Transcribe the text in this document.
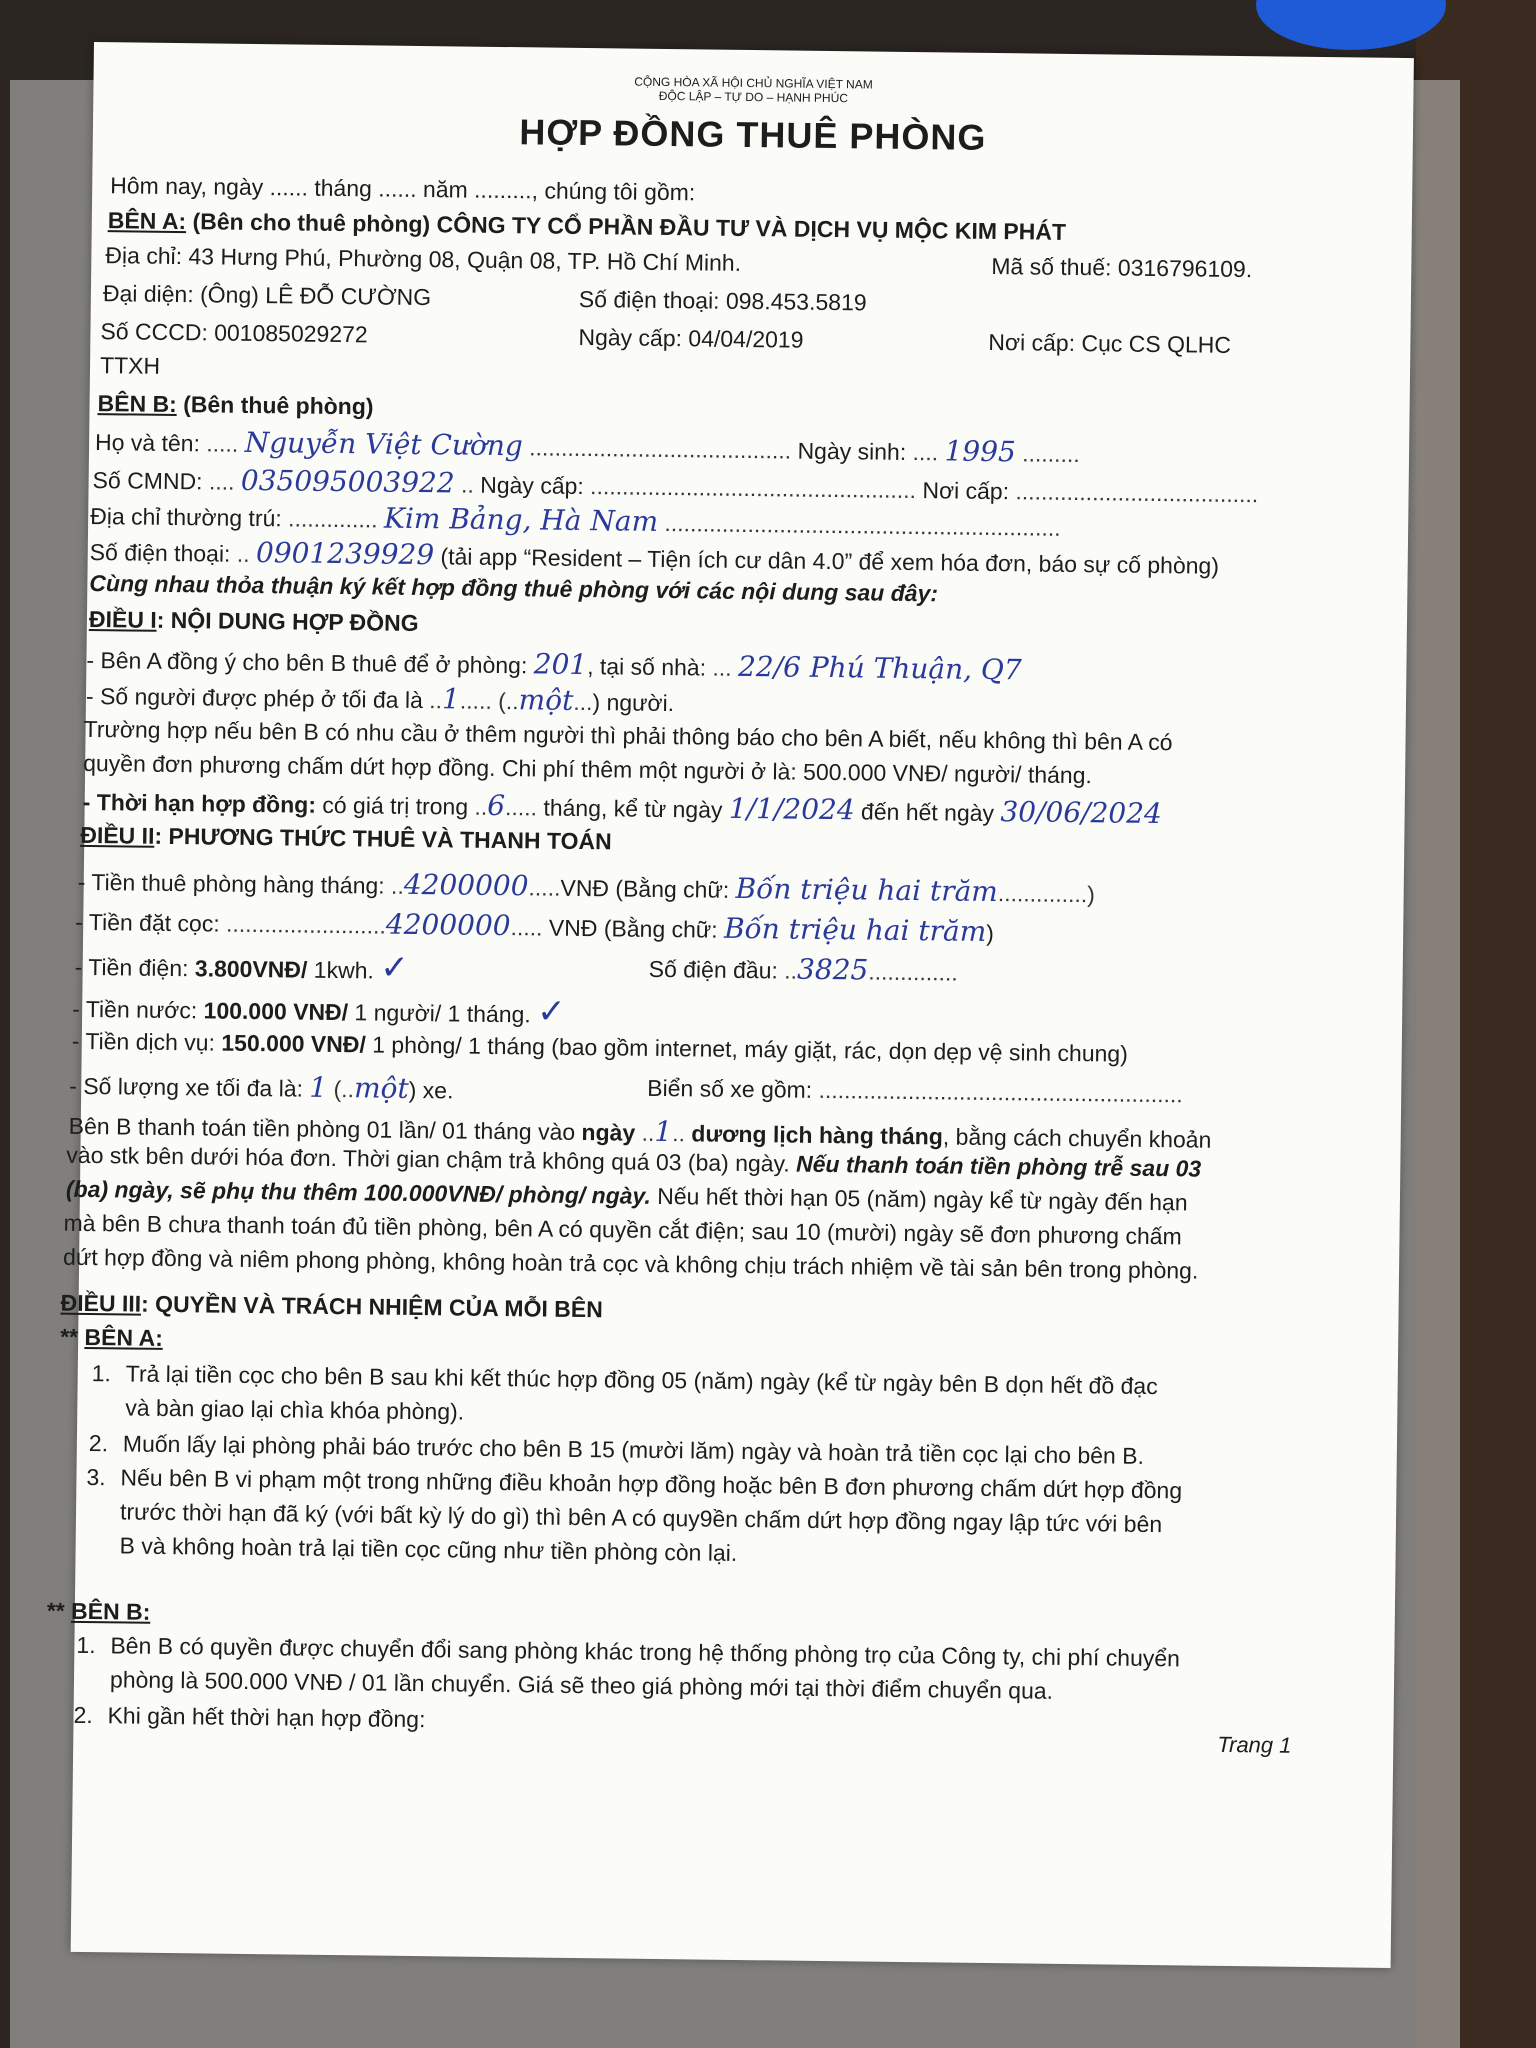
CỘNG HÒA XÃ HỘI CHỦ NGHĨA VIỆT NAM
ĐỘC LẬP – TỰ DO – HẠNH PHÚC
HỢP ĐỒNG THUÊ PHÒNG
Hôm nay, ngày ...... tháng ...... năm ........., chúng tôi gồm:
BÊN A: (Bên cho thuê phòng) CÔNG TY CỔ PHẦN ĐẦU TƯ VÀ DỊCH VỤ MỘC KIM PHÁT
Địa chỉ: 43 Hưng Phú, Phường 08, Quận 08, TP. Hồ Chí Minh.	Mã số thuế: 0316796109.
Đại diện: (Ông) LÊ ĐỖ CƯỜNG	Số điện thoại: 098.453.5819
Số CCCD: 001085029272	Ngày cấp: 04/04/2019	Nơi cấp: Cục CS QLHC
TTXH
BÊN B: (Bên thuê phòng)
Họ và tên: ..... Nguyễn Việt Cường ......................................... Ngày sinh: .... 1995 .........
Số CMND: .... 035095003922 .. Ngày cấp: ................................................... Nơi cấp: ......................................
Địa chỉ thường trú: .............. Kim Bảng, Hà Nam ..............................................................
Số điện thoại: .. 0901239929 (tải app “Resident – Tiện ích cư dân 4.0” để xem hóa đơn, báo sự cố phòng)
Cùng nhau thỏa thuận ký kết hợp đồng thuê phòng với các nội dung sau đây:
ĐIỀU I: NỘI DUNG HỢP ĐỒNG
- Bên A đồng ý cho bên B thuê để ở phòng: 201, tại số nhà: ... 22/6 Phú Thuận, Q7
- Số người được phép ở tối đa là ..1..... (..một...) người.
Trường hợp nếu bên B có nhu cầu ở thêm người thì phải thông báo cho bên A biết, nếu không thì bên A có
quyền đơn phương chấm dứt hợp đồng. Chi phí thêm một người ở là: 500.000 VNĐ/ người/ tháng.
- Thời hạn hợp đồng: có giá trị trong ..6..... tháng, kể từ ngày 1/1/2024 đến hết ngày 30/06/2024
ĐIỀU II: PHƯƠNG THỨC THUÊ VÀ THANH TOÁN
- Tiền thuê phòng hàng tháng: ..4200000.....VNĐ (Bằng chữ: Bốn triệu hai trăm..............)
- Tiền đặt cọc: .........................4200000..... VNĐ (Bằng chữ: Bốn triệu hai trăm)
- Tiền điện: 3.800VNĐ/ 1kwh. ✓	Số điện đầu: ..3825..............
- Tiền nước: 100.000 VNĐ/ 1 người/ 1 tháng. ✓
- Tiền dịch vụ: 150.000 VNĐ/ 1 phòng/ 1 tháng (bao gồm internet, máy giặt, rác, dọn dẹp vệ sinh chung)
- Số lượng xe tối đa là: 1 (..một) xe.	Biển số xe gồm: .........................................................
Bên B thanh toán tiền phòng 01 lần/ 01 tháng vào ngày ..1.. dương lịch hàng tháng, bằng cách chuyển khoản
vào stk bên dưới hóa đơn. Thời gian chậm trả không quá 03 (ba) ngày. Nếu thanh toán tiền phòng trễ sau 03
(ba) ngày, sẽ phụ thu thêm 100.000VNĐ/ phòng/ ngày. Nếu hết thời hạn 05 (năm) ngày kể từ ngày đến hạn
mà bên B chưa thanh toán đủ tiền phòng, bên A có quyền cắt điện; sau 10 (mười) ngày sẽ đơn phương chấm
dứt hợp đồng và niêm phong phòng, không hoàn trả cọc và không chịu trách nhiệm về tài sản bên trong phòng.
ĐIỀU III: QUYỀN VÀ TRÁCH NHIỆM CỦA MỖI BÊN
** BÊN A:
1. Trả lại tiền cọc cho bên B sau khi kết thúc hợp đồng 05 (năm) ngày (kể từ ngày bên B dọn hết đồ đạc
và bàn giao lại chìa khóa phòng).
2. Muốn lấy lại phòng phải báo trước cho bên B 15 (mười lăm) ngày và hoàn trả tiền cọc lại cho bên B.
3. Nếu bên B vi phạm một trong những điều khoản hợp đồng hoặc bên B đơn phương chấm dứt hợp đồng
trước thời hạn đã ký (với bất kỳ lý do gì) thì bên A có quy9ền chấm dứt hợp đồng ngay lập tức với bên
B và không hoàn trả lại tiền cọc cũng như tiền phòng còn lại.
** BÊN B:
1. Bên B có quyền được chuyển đổi sang phòng khác trong hệ thống phòng trọ của Công ty, chi phí chuyển
phòng là 500.000 VNĐ / 01 lần chuyển. Giá sẽ theo giá phòng mới tại thời điểm chuyển qua.
2. Khi gần hết thời hạn hợp đồng:
Trang 1
